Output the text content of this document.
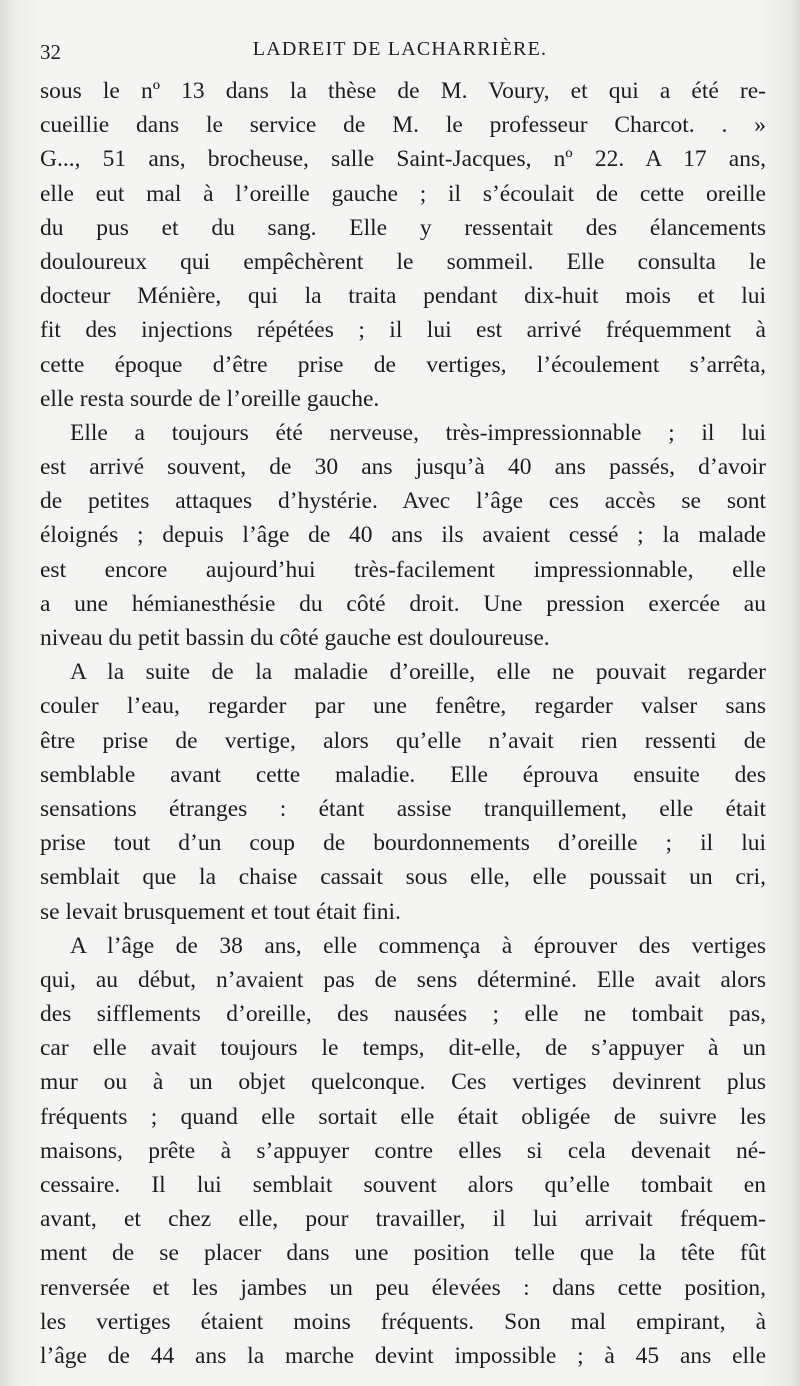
32	LADREIT DE LACHARRIÈRE.
sous le nº 13 dans la thèse de M. Voury, et qui a été re-
cueillie dans le service de M. le professeur Charcot. . »
G..., 51 ans, brocheuse, salle Saint-Jacques, nº 22. A 17 ans,
elle eut mal à l’oreille gauche ; il s’écoulait de cette oreille
du pus et du sang. Elle y ressentait des élancements
douloureux qui empêchèrent le sommeil. Elle consulta le
docteur Ménière, qui la traita pendant dix-huit mois et lui
fit des injections répétées ; il lui est arrivé fréquemment à
cette époque d’être prise de vertiges, l’écoulement s’arrêta,
elle resta sourde de l’oreille gauche.
Elle a toujours été nerveuse, très-impressionnable ; il lui
est arrivé souvent, de 30 ans jusqu’à 40 ans passés, d’avoir
de petites attaques d’hystérie. Avec l’âge ces accès se sont
éloignés ; depuis l’âge de 40 ans ils avaient cessé ; la malade
est encore aujourd’hui très-facilement impressionnable, elle
a une hémianesthésie du côté droit. Une pression exercée au
niveau du petit bassin du côté gauche est douloureuse.
A la suite de la maladie d’oreille, elle ne pouvait regarder
couler l’eau, regarder par une fenêtre, regarder valser sans
être prise de vertige, alors qu’elle n’avait rien ressenti de
semblable avant cette maladie. Elle éprouva ensuite des
sensations étranges : étant assise tranquillement, elle était
prise tout d’un coup de bourdonnements d’oreille ; il lui
semblait que la chaise cassait sous elle, elle poussait un cri,
se levait brusquement et tout était fini.
A l’âge de 38 ans, elle commença à éprouver des vertiges
qui, au début, n’avaient pas de sens déterminé. Elle avait alors
des sifflements d’oreille, des nausées ; elle ne tombait pas,
car elle avait toujours le temps, dit-elle, de s’appuyer à un
mur ou à un objet quelconque. Ces vertiges devinrent plus
fréquents ; quand elle sortait elle était obligée de suivre les
maisons, prête à s’appuyer contre elles si cela devenait né-
cessaire. Il lui semblait souvent alors qu’elle tombait en
avant, et chez elle, pour travailler, il lui arrivait fréquem-
ment de se placer dans une position telle que la tête fût
renversée et les jambes un peu élevées : dans cette position,
les vertiges étaient moins fréquents. Son mal empirant, à
l’âge de 44 ans la marche devint impossible ; à 45 ans elle
